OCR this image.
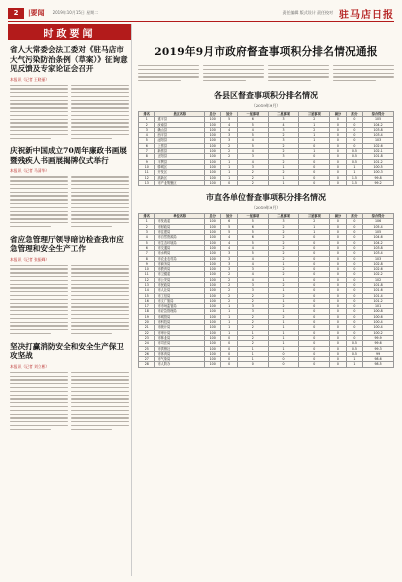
2	|要闻 2019年10月15日 星期二	责任编辑 版式设计 责任校对 驻马店日报
时政要闻
省人大常委会法工委对《驻马店市大气污染防治条例（草案）》征询意见反馈及专家论证会召开
本报讯（记者 王晓丽）
庆祝新中国成立70周年廉政书画展暨残疾人书画展揭牌仪式举行
本报讯（记者 马清华）
省应急管理厅领导暗访检查我市应急管理和安全生产工作
本报讯（记者 张振峰）
坚决打赢消防安全和安全生产保卫攻坚战
本报讯（记者 刘立彬）
2019年9月市政府督查事项积分排名情况通报
各县区督查事项积分排名情况
（2019年9月）
排名	县区名称	总分	加分	一星事项	二星事项	三星事项	减分	扣分	综合得分
1	遂平县	100	5	6	3	2	0	0	105
2	汝南县	100	4	5	4	1	0	0	104.2
3	确山县	100	4	4	3	2	0	0	103.8
4	西平县	100	3	5	2	1	0	0	103.4
5	泌阳县	100	3	4	3	1	0	0	103
6	上蔡县	100	2	5	2	0	0	0	102.6
7	新蔡县	100	2	4	2	1	0	0.5	102.1
8	正阳县	100	2	3	3	0	0	0.5	101.8
9	平舆县	100	1	4	2	0	0	0.5	101.2
10	驿城区	100	1	3	1	0	0	1	100.5
11	开发区	100	1	2	2	0	0	1	100.3
12	高新区	100	1	2	1	0	0	1.5	99.8
13	市产业集聚区	100	0	2	1	0	0	1.5	99.2
市直各单位督查事项积分排名情况
（2019年9月）
排名	单位名称	总分	加分	一星事项	二星事项	三星事项	减分	扣分	综合得分
1	市发改委	100	6	5	3	2	0	0	106
2	市财政局	100	5	6	2	1	0	0	105.4
3	市住建局	100	5	5	2	1	0	0	105
4	市自然资源局	100	4	6	2	0	0	0	104.6
5	市生态环境局	100	4	5	2	0	0	0	104.2
6	市交通局	100	4	4	2	0	0	0	103.8
7	市水利局	100	3	5	2	0	0	0	103.4
8	市农业农村局	100	3	4	2	0	0	0	103
9	市商务局	100	3	4	1	0	0	0	102.8
10	市教育局	100	3	3	2	0	0	0	102.6
11	市卫健委	100	2	4	2	0	0	0	102.2
12	市公安局	100	2	4	1	0	0	0	102
13	市民政局	100	2	3	2	0	0	0	101.8
14	市人社局	100	2	3	1	0	0	0	101.6
15	市工信局	100	2	2	2	0	0	0	101.4
16	市文广旅局	100	2	2	1	0	0	0	101.2
17	市市场监管局	100	1	3	2	0	0	0	101
18	市应急管理局	100	1	3	1	0	0	0	100.8
19	市城管局	100	1	2	2	0	0	0	100.6
20	市科技局	100	1	2	1	0	0	0	100.4
21	市统计局	100	1	2	1	0	0	0	100.4
22	市审计局	100	1	1	1	0	0	0	100.2
23	市林业局	100	0	2	1	0	0	0	99.9
24	市司法局	100	0	2	1	0	0	0.5	99.6
25	市供销社	100	0	1	1	0	0	0.5	99.3
26	市体育局	100	0	1	0	0	0	0.5	99
27	市气象局	100	0	1	0	0	0	1	98.6
28	市人防办	100	0	0	0	0	0	1	98.5
